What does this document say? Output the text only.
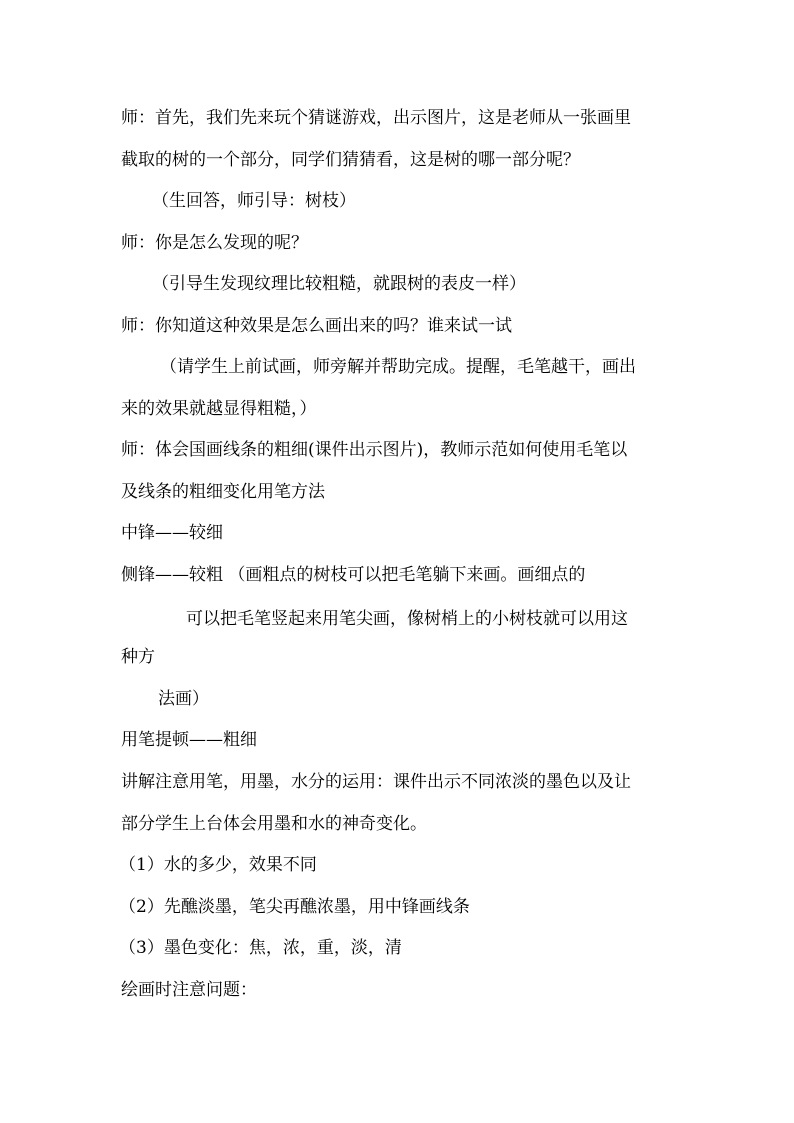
师：首先，我们先来玩个猜谜游戏，出示图片，这是老师从一张画里
截取的树的一个部分，同学们猜猜看，这是树的哪一部分呢？
（生回答，师引导：树枝）
师：你是怎么发现的呢？
（引导生发现纹理比较粗糙，就跟树的表皮一样）
师：你知道这种效果是怎么画出来的吗？谁来试一试
（请学生上前试画，师旁解并帮助完成。提醒，毛笔越干，画出
来的效果就越显得粗糙，）
师：体会国画线条的粗细(课件出示图片)，教师示范如何使用毛笔以
及线条的粗细变化用笔方法
中锋——较细
侧锋——较粗 （画粗点的树枝可以把毛笔躺下来画。画细点的
可以把毛笔竖起来用笔尖画，像树梢上的小树枝就可以用这
种方
法画）
用笔提顿——粗细
讲解注意用笔，用墨，水分的运用：课件出示不同浓淡的墨色以及让
部分学生上台体会用墨和水的神奇变化。
（1）水的多少，效果不同
（2）先醮淡墨，笔尖再醮浓墨，用中锋画线条
（3）墨色变化：焦，浓，重，淡，清
绘画时注意问题：
